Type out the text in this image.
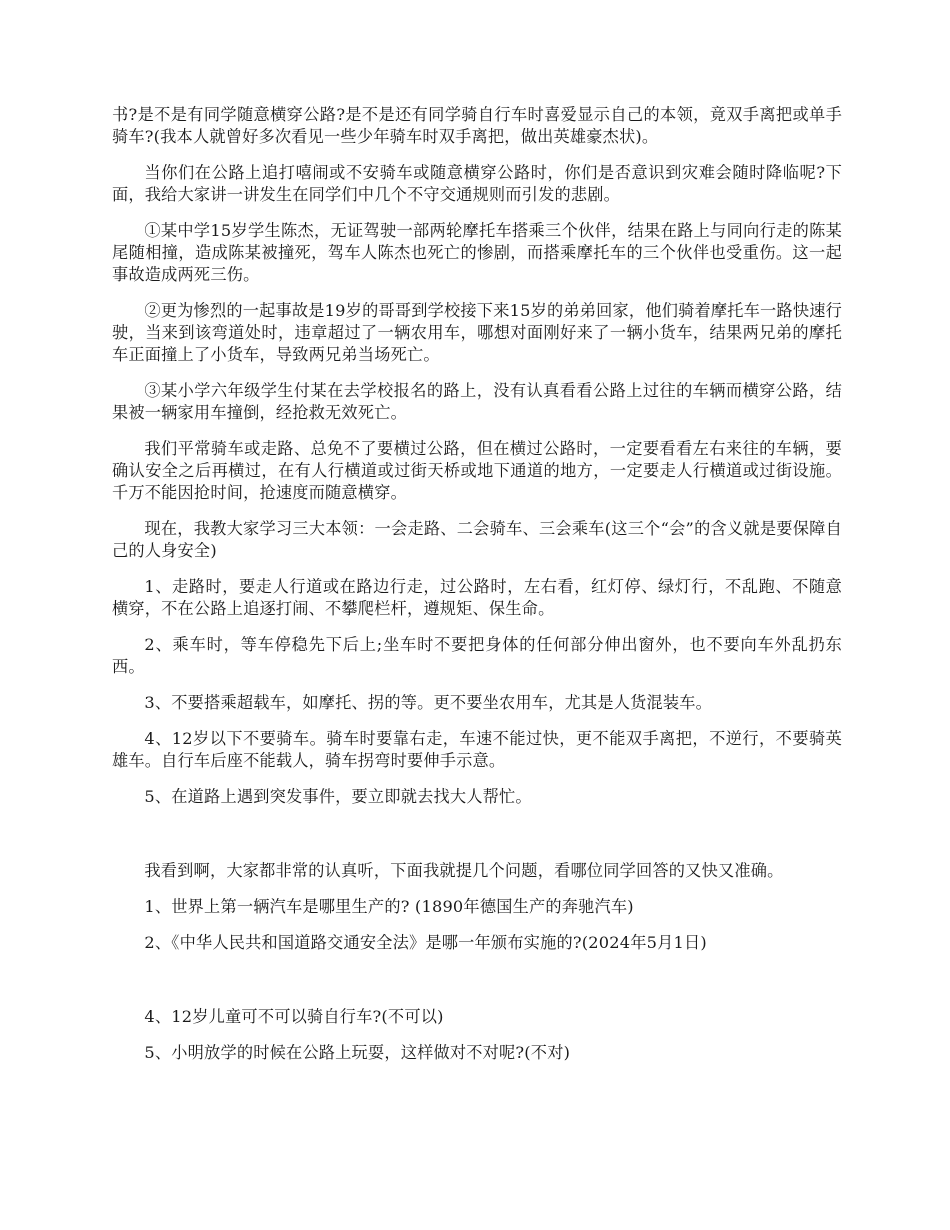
书?是不是有同学随意横穿公路?是不是还有同学骑自行车时喜爱显示自己的本领，竟双手离把或单手骑车?(我本人就曾好多次看见一些少年骑车时双手离把，做出英雄豪杰状)。

当你们在公路上追打嘻闹或不安骑车或随意横穿公路时，你们是否意识到灾难会随时降临呢?下面，我给大家讲一讲发生在同学们中几个不守交通规则而引发的悲剧。

①某中学15岁学生陈杰，无证驾驶一部两轮摩托车搭乘三个伙伴，结果在路上与同向行走的陈某尾随相撞，造成陈某被撞死，驾车人陈杰也死亡的惨剧，而搭乘摩托车的三个伙伴也受重伤。这一起事故造成两死三伤。

②更为惨烈的一起事故是19岁的哥哥到学校接下来15岁的弟弟回家，他们骑着摩托车一路快速行驶，当来到该弯道处时，违章超过了一辆农用车，哪想对面刚好来了一辆小货车，结果两兄弟的摩托车正面撞上了小货车，导致两兄弟当场死亡。

③某小学六年级学生付某在去学校报名的路上，没有认真看看公路上过往的车辆而横穿公路，结果被一辆家用车撞倒，经抢救无效死亡。

我们平常骑车或走路、总免不了要横过公路，但在横过公路时，一定要看看左右来往的车辆，要确认安全之后再横过，在有人行横道或过街天桥或地下通道的地方，一定要走人行横道或过街设施。千万不能因抢时间，抢速度而随意横穿。

现在，我教大家学习三大本领：一会走路、二会骑车、三会乘车(这三个“会”的含义就是要保障自己的人身安全)

1、走路时，要走人行道或在路边行走，过公路时，左右看，红灯停、绿灯行，不乱跑、不随意横穿，不在公路上追逐打闹、不攀爬栏杆，遵规矩、保生命。

2、乘车时，等车停稳先下后上;坐车时不要把身体的任何部分伸出窗外，也不要向车外乱扔东西。

3、不要搭乘超载车，如摩托、拐的等。更不要坐农用车，尤其是人货混装车。

4、12岁以下不要骑车。骑车时要靠右走，车速不能过快，更不能双手离把，不逆行，不要骑英雄车。自行车后座不能载人，骑车拐弯时要伸手示意。

5、在道路上遇到突发事件，要立即就去找大人帮忙。

我看到啊，大家都非常的认真听，下面我就提几个问题，看哪位同学回答的又快又准确。

1、世界上第一辆汽车是哪里生产的? (1890年德国生产的奔驰汽车)

2、《中华人民共和国道路交通安全法》是哪一年颁布实施的?(2024年5月1日)

4、12岁儿童可不可以骑自行车?(不可以)

5、小明放学的时候在公路上玩耍，这样做对不对呢?(不对)
